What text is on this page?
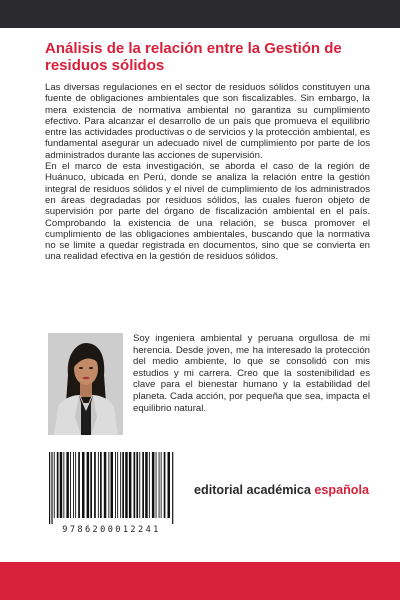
Análisis de la relación entre la Gestión de residuos sólidos

Las diversas regulaciones en el sector de residuos sólidos constituyen una fuente de obligaciones ambientales que son fiscalizables. Sin embargo, la mera existencia de normativa ambiental no garantiza su cumplimiento efectivo. Para alcanzar el desarrollo de un país que promueva el equilibrio entre las actividades productivas o de servicios y la protección ambiental, es fundamental asegurar un adecuado nivel de cumplimiento por parte de los administrados durante las acciones de supervisión.

En el marco de esta investigación, se aborda el caso de la región de Huánuco, ubicada en Perú, donde se analiza la relación entre la gestión integral de residuos sólidos y el nivel de cumplimiento de los administrados en áreas degradadas por residuos sólidos, las cuales fueron objeto de supervisión por parte del órgano de fiscalización ambiental en el país. Comprobando la existencia de una relación, se busca promover el cumplimiento de las obligaciones ambientales, buscando que la normativa no se limite a quedar registrada en documentos, sino que se convierta en una realidad efectiva en la gestión de residuos sólidos.

Soy ingeniera ambiental y peruana orgullosa de mi herencia. Desde joven, me ha interesado la protección del medio ambiente, lo que se consolidó con mis estudios y mi carrera. Creo que la sostenibilidad es clave para el bienestar humano y la estabilidad del planeta. Cada acción, por pequeña que sea, impacta el equilibrio natural.

9786200012241
editorial académica española
